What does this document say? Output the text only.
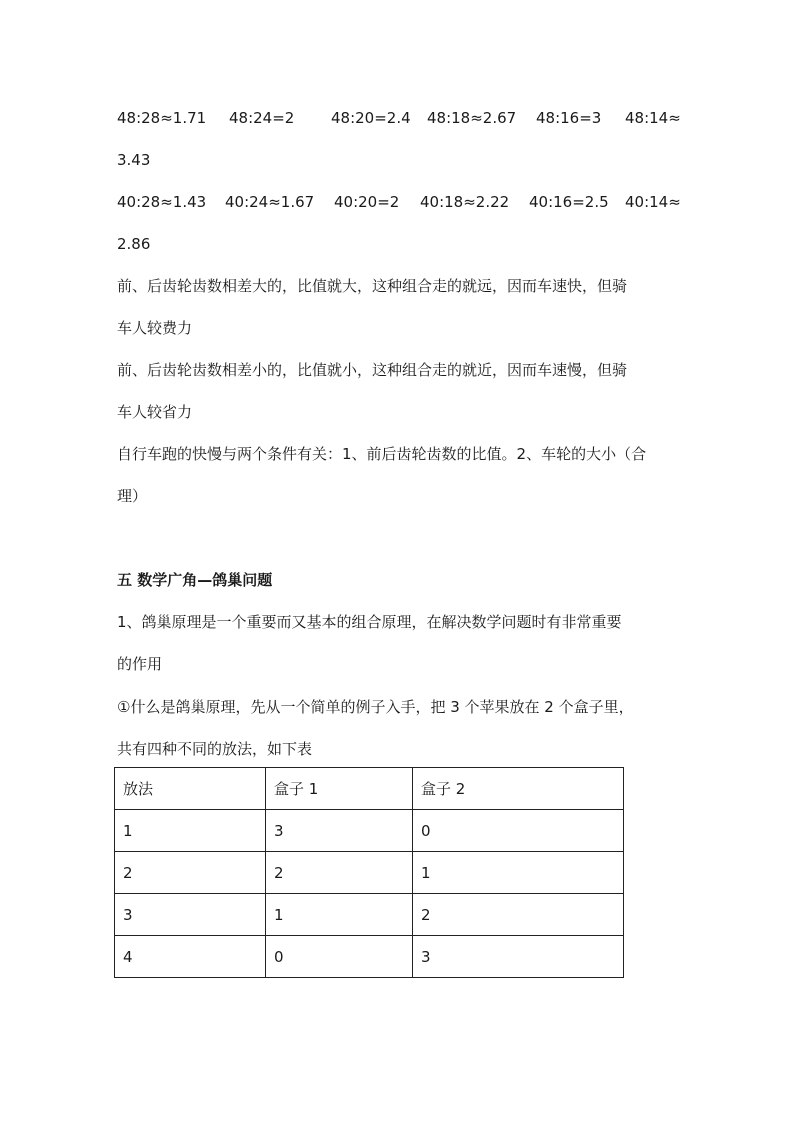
48:28≈1.71 48:24=2 48:20=2.4 48:18≈2.67 48:16=3 48:14≈
3.43
40:28≈1.43 40:24≈1.67 40:20=2 40:18≈2.22 40:16=2.5 40:14≈
2.86
前、后齿轮齿数相差大的，比值就大，这种组合走的就远，因而车速快，但骑
车人较费力
前、后齿轮齿数相差小的，比值就小，这种组合走的就近，因而车速慢，但骑
车人较省力
自行车跑的快慢与两个条件有关：1、前后齿轮齿数的比值。2、车轮的大小（合
理）
五 数学广角—鸽巢问题
1、鸽巢原理是一个重要而又基本的组合原理，在解决数学问题时有非常重要
的作用
①什么是鸽巢原理，先从一个简单的例子入手，把 3 个苹果放在 2 个盒子里，
共有四种不同的放法，如下表
放法	盒子 1	盒子 2
1	3	0
2	2	1
3	1	2
4	0	3
